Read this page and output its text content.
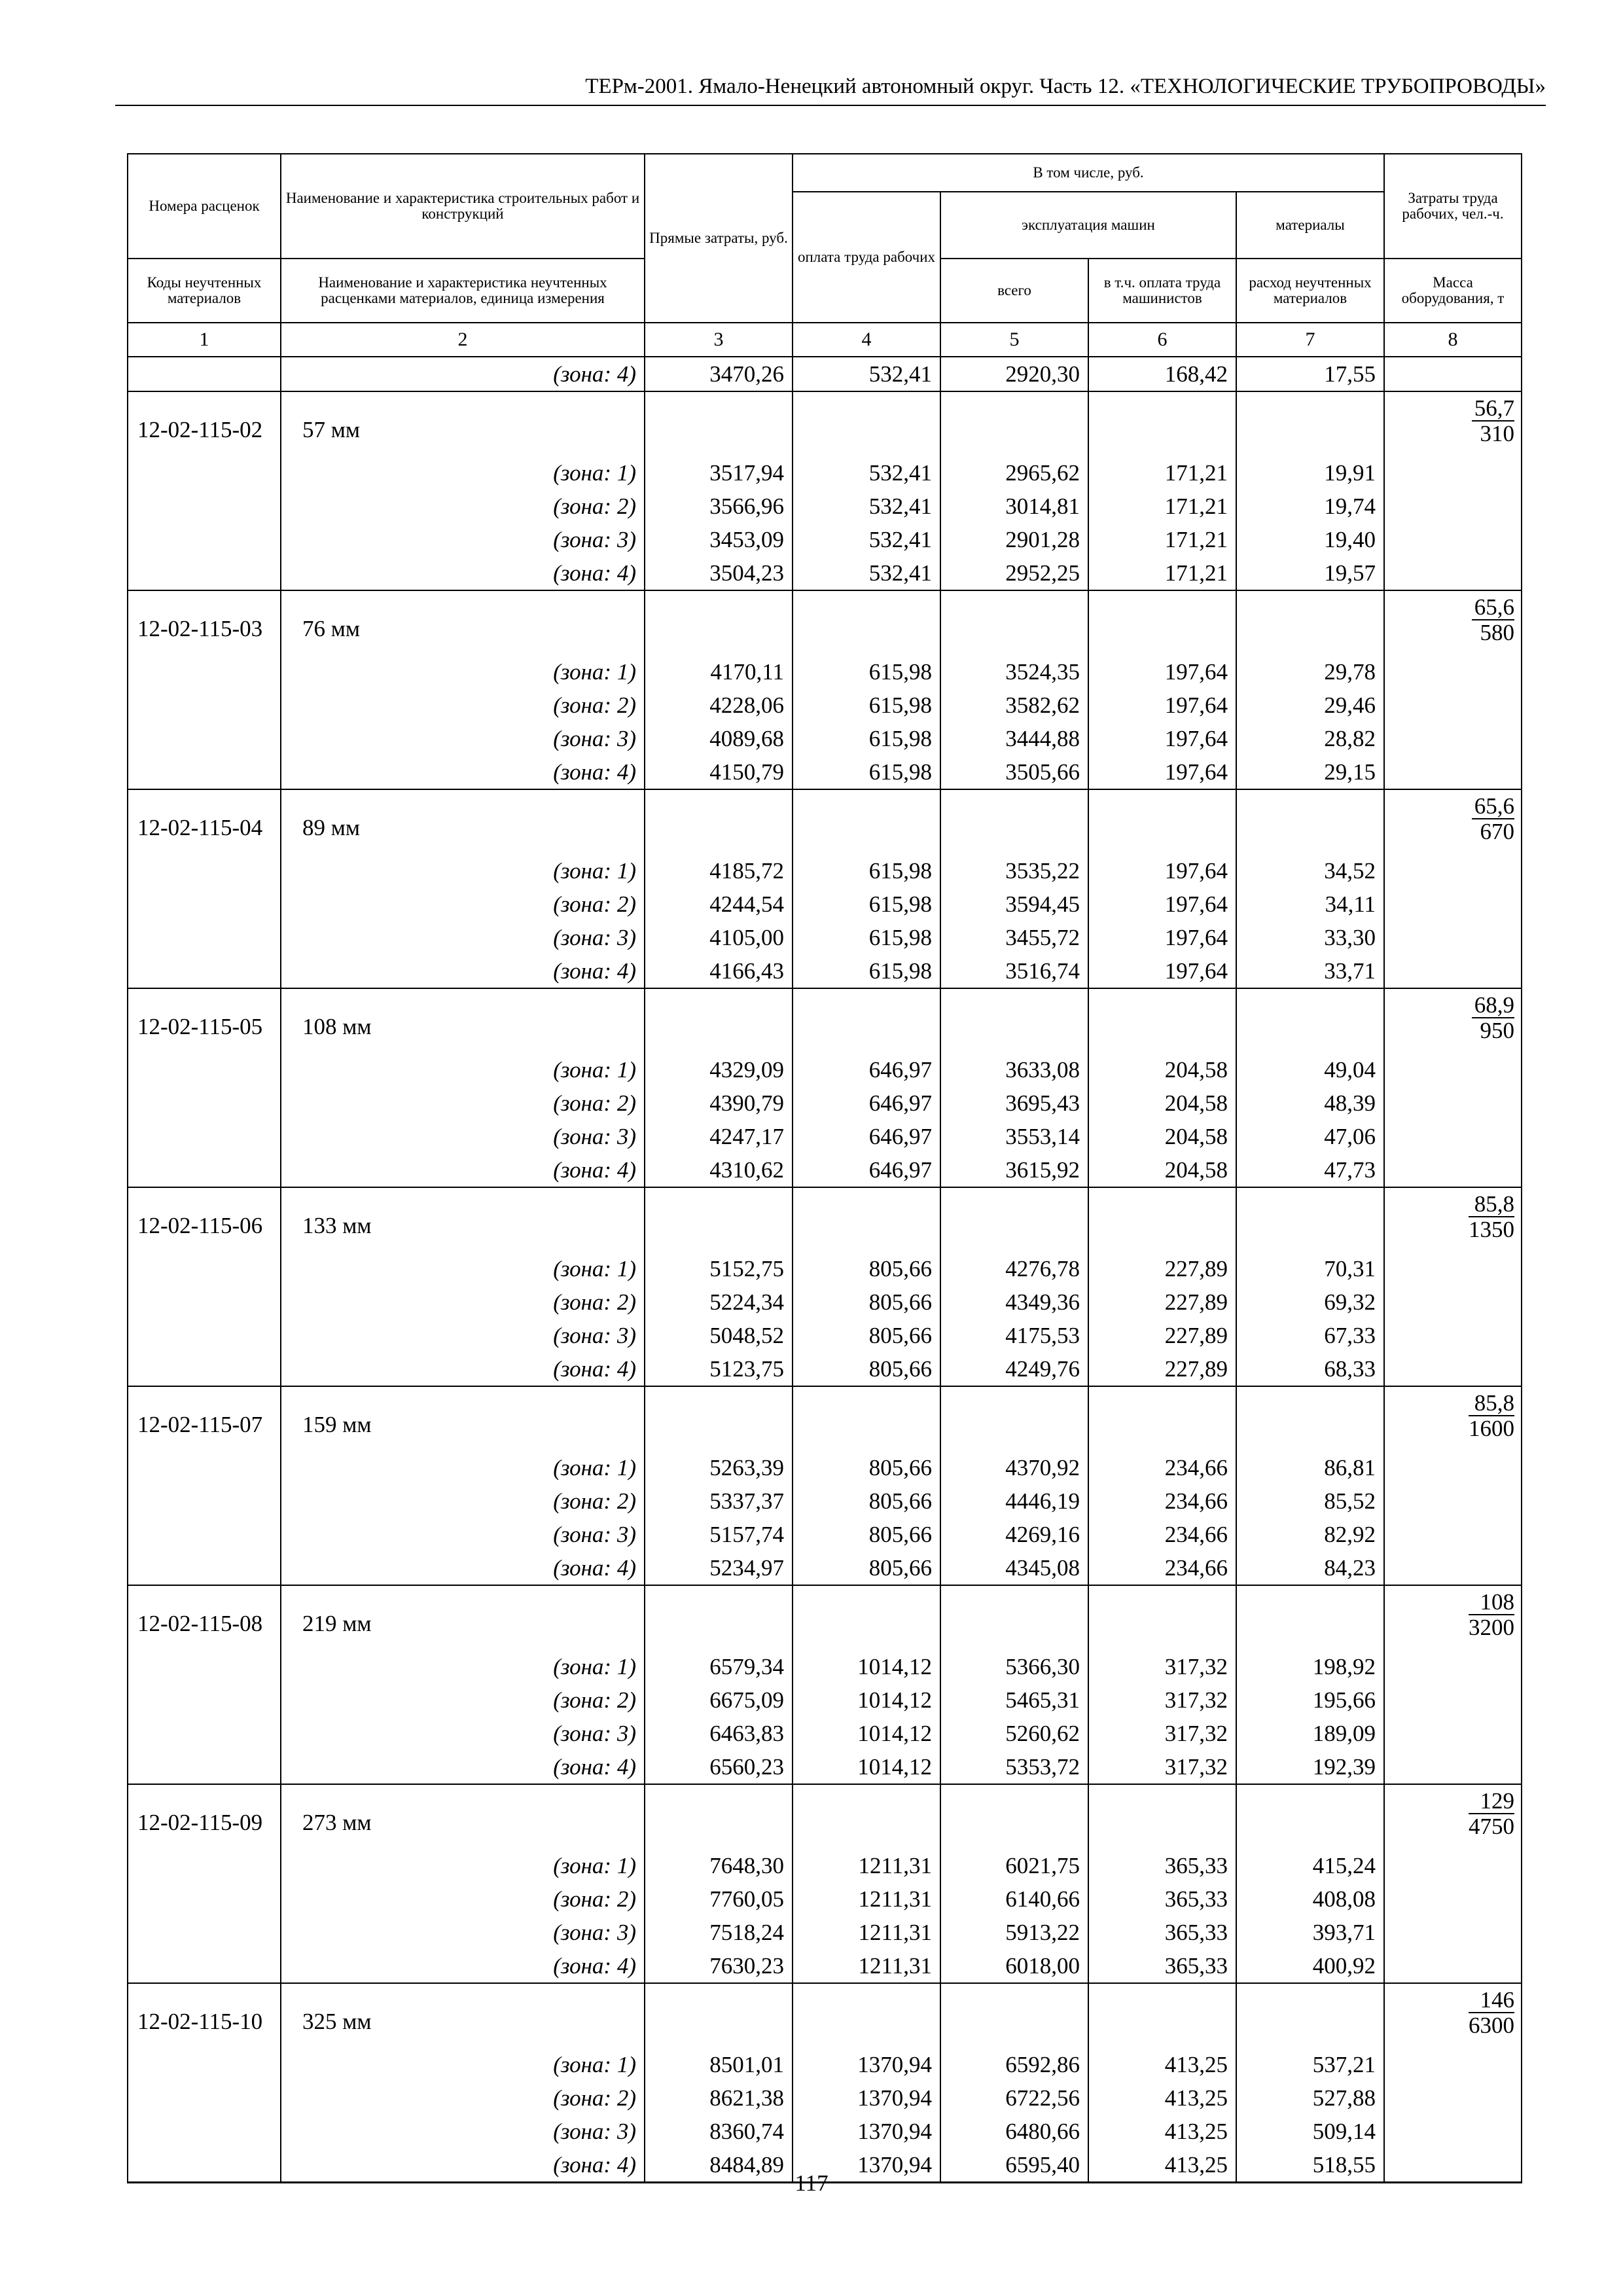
ТЕРм-2001. Ямало-Ненецкий автономный округ. Часть 12. «ТЕХНОЛОГИЧЕСКИЕ ТРУБОПРОВОДЫ»
Номера расценок	Наименование и характеристика строительных работ и конструкций	Прямые затраты, руб.	В том числе, руб.				Затраты труда рабочих, чел.-ч.
			оплата труда рабочих	эксплуатация машин		материалы	
Коды неучтенных материалов	Наименование и характеристика неучтенных расценками материалов, единица измерения			всего	в т.ч. оплата труда машинистов	расход неучтенных материалов	Масса оборудования, т
1	2	3	4	5	6	7	8
	(зона: 4)	3470,26	532,41	2920,30	168,42	17,55	
12-02-115-02	57 мм						$\frac{56,7}{310}$

	(зона: 1)	3517,94	532,41	2965,62	171,21	19,91	
	(зона: 2)	3566,96	532,41	3014,81	171,21	19,74	
	(зона: 3)	3453,09	532,41	2901,28	171,21	19,40	
	(зона: 4)	3504,23	532,41	2952,25	171,21	19,57	
12-02-115-03	76 мм						$\frac{65,6}{580}$

	(зона: 1)	4170,11	615,98	3524,35	197,64	29,78	
	(зона: 2)	4228,06	615,98	3582,62	197,64	29,46	
	(зона: 3)	4089,68	615,98	3444,88	197,64	28,82	
	(зона: 4)	4150,79	615,98	3505,66	197,64	29,15	
12-02-115-04	89 мм						$\frac{65,6}{670}$

	(зона: 1)	4185,72	615,98	3535,22	197,64	34,52	
	(зона: 2)	4244,54	615,98	3594,45	197,64	34,11	
	(зона: 3)	4105,00	615,98	3455,72	197,64	33,30	
	(зона: 4)	4166,43	615,98	3516,74	197,64	33,71	
12-02-115-05	108 мм						$\frac{68,9}{950}$

	(зона: 1)	4329,09	646,97	3633,08	204,58	49,04	
	(зона: 2)	4390,79	646,97	3695,43	204,58	48,39	
	(зона: 3)	4247,17	646,97	3553,14	204,58	47,06	
	(зона: 4)	4310,62	646,97	3615,92	204,58	47,73	
12-02-115-06	133 мм						$\frac{85,8}{1350}$

	(зона: 1)	5152,75	805,66	4276,78	227,89	70,31	
	(зона: 2)	5224,34	805,66	4349,36	227,89	69,32	
	(зона: 3)	5048,52	805,66	4175,53	227,89	67,33	
	(зона: 4)	5123,75	805,66	4249,76	227,89	68,33	
12-02-115-07	159 мм						$\frac{85,8}{1600}$

	(зона: 1)	5263,39	805,66	4370,92	234,66	86,81	
	(зона: 2)	5337,37	805,66	4446,19	234,66	85,52	
	(зона: 3)	5157,74	805,66	4269,16	234,66	82,92	
	(зона: 4)	5234,97	805,66	4345,08	234,66	84,23	
12-02-115-08	219 мм						$\frac{108}{3200}$

	(зона: 1)	6579,34	1014,12	5366,30	317,32	198,92	
	(зона: 2)	6675,09	1014,12	5465,31	317,32	195,66	
	(зона: 3)	6463,83	1014,12	5260,62	317,32	189,09	
	(зона: 4)	6560,23	1014,12	5353,72	317,32	192,39	
12-02-115-09	273 мм						$\frac{129}{4750}$

	(зона: 1)	7648,30	1211,31	6021,75	365,33	415,24	
	(зона: 2)	7760,05	1211,31	6140,66	365,33	408,08	
	(зона: 3)	7518,24	1211,31	5913,22	365,33	393,71	
	(зона: 4)	7630,23	1211,31	6018,00	365,33	400,92	
12-02-115-10	325 мм						$\frac{146}{6300}$

	(зона: 1)	8501,01	1370,94	6592,86	413,25	537,21	
	(зона: 2)	8621,38	1370,94	6722,56	413,25	527,88	
	(зона: 3)	8360,74	1370,94	6480,66	413,25	509,14	
	(зона: 4)	8484,89	1370,94	6595,40	413,25	518,55	
117
